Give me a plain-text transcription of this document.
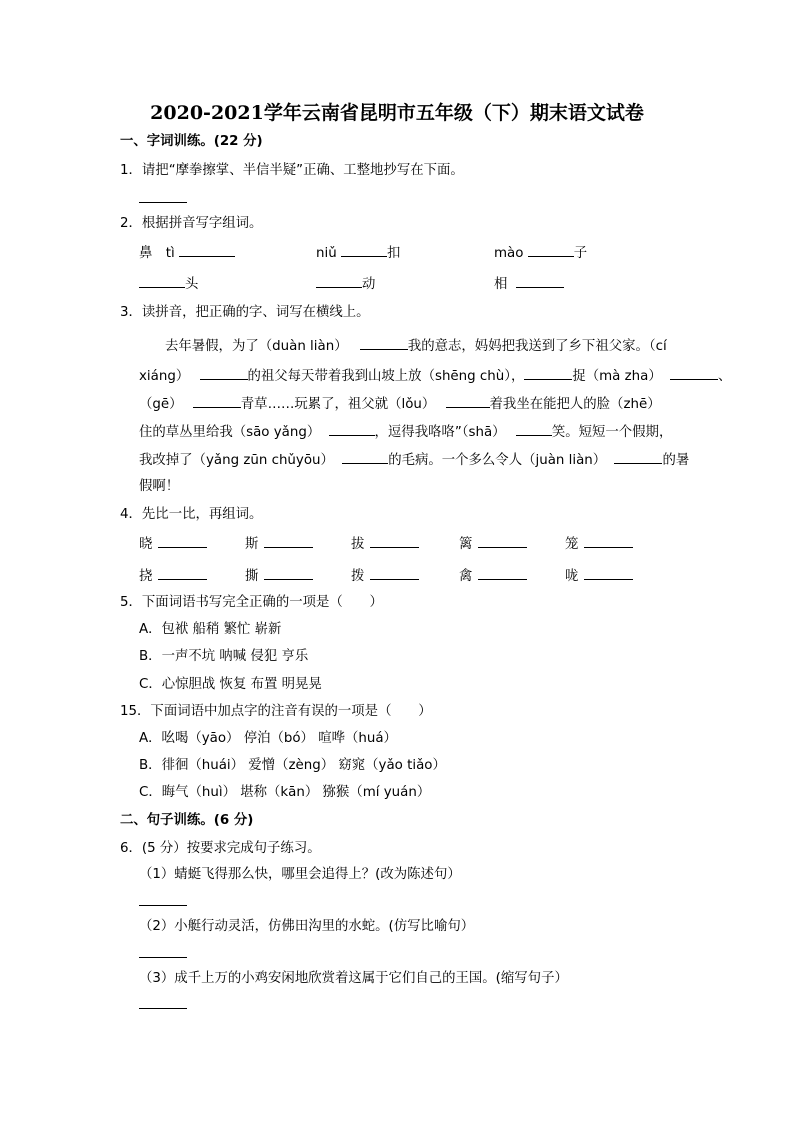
2020-2021学年云南省昆明市五年级（下）期末语文试卷
一、字词训练。(22 分)
1．请把“摩拳擦掌、半信半疑”正确、工整地抄写在下面。
2．根据拼音写字组词。
鼻　tì	niǔ	扣	mào	子
头	动	相
3．读拼音，把正确的字、词写在横线上。
去年暑假，为了（duàn liàn）	我的意志，妈妈把我送到了乡下祖父家。（cí
xiáng）	的祖父每天带着我到山坡上放（shēng chù），	捉（mà zha）	、
（gē）	青草……玩累了，祖父就（lǒu）	着我坐在能把人的脸（zhē）
住的草丛里给我（sāo yǎng）	，逗得我咯咯”（shā）	笑。短短一个假期，
我改掉了（yǎng zūn chǔyōu）	的毛病。一个多么令人（juàn liàn）	的暑
假啊！
4．先比一比，再组词。
晓	斯	拔	篱	笼
挠	撕	拨	禽	咙
5．下面词语书写完全正确的一项是（　　）
A．包袱 船稍 繁忙 崭新
B．一声不坑 呐喊 侵犯 亨乐
C．心惊胆战 恢复 布置 明晃晃
15．下面词语中加点字的注音有误的一项是（　　）
A．吆喝（yāo） 停泊（bó） 喧哗（huá）
B．徘徊（huái） 爱憎（zèng） 窈窕（yǎo tiǎo）
C．晦气（huì） 堪称（kān） 猕猴（mí yuán）
二、句子训练。(6 分)
6．(5 分）按要求完成句子练习。
（1）蜻蜓飞得那么快，哪里会追得上？(改为陈述句）
（2）小艇行动灵活，仿佛田沟里的水蛇。(仿写比喻句）
（3）成千上万的小鸡安闲地欣赏着这属于它们自己的王国。(缩写句子）
